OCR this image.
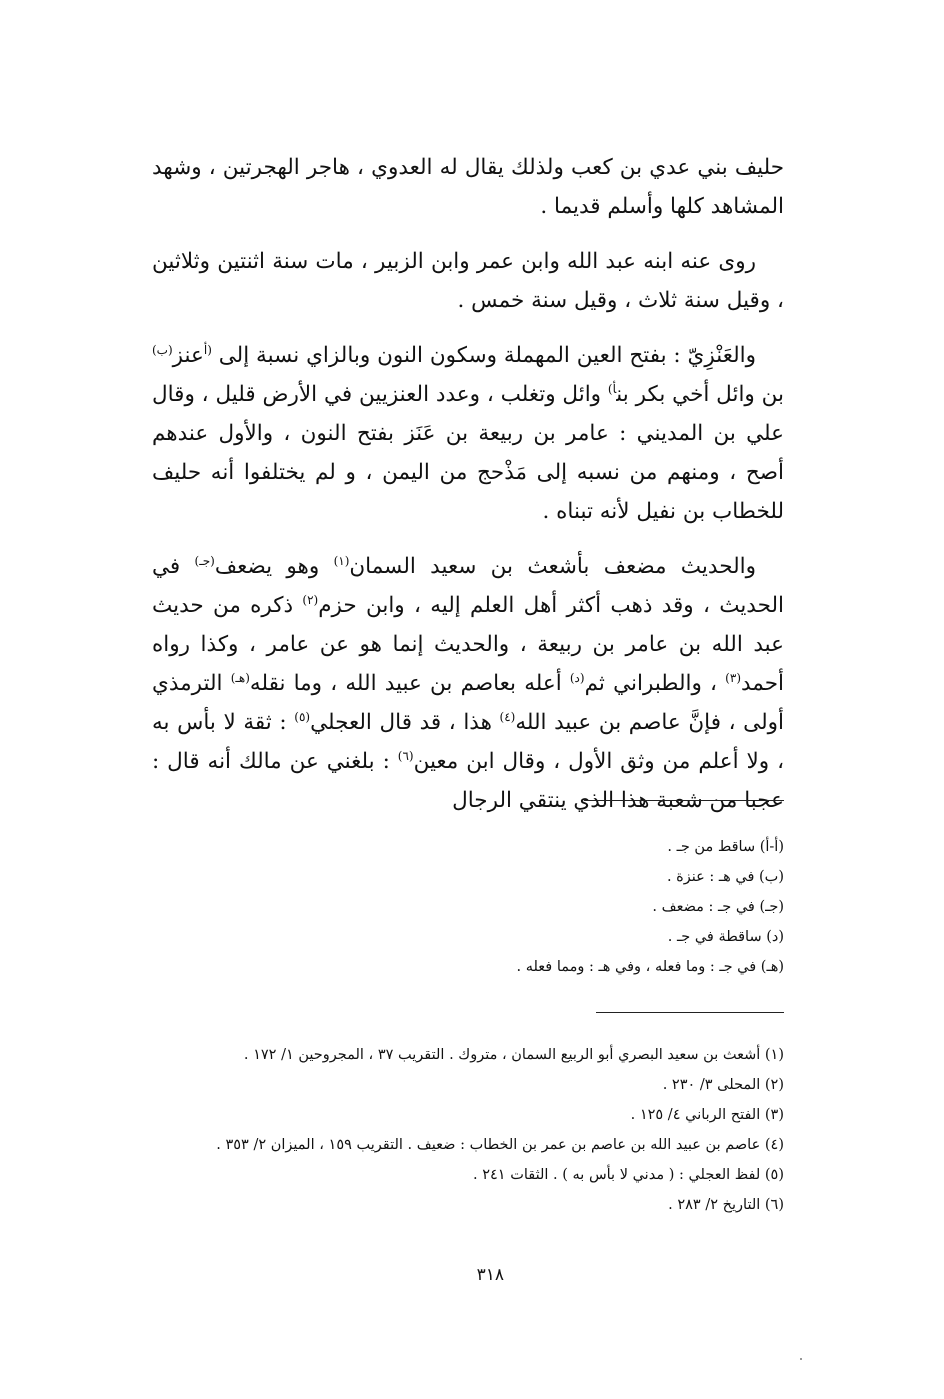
حليف بني عدي بن كعب ولذلك يقال له العدوي ، هاجر الهجرتين ، وشهد المشاهد كلها وأسلم قديما .

روى عنه ابنه عبد الله وابن عمر وابن الزبير ، مات سنة اثنتين وثلاثين ، وقيل سنة ثلاث ، وقيل سنة خمس .

والعَنْزِيّ : بفتح العين المهملة وسكون النون وبالزاي نسبة إلى $^{(أ}$عنز$^{(ب)}$ بن وائل أخي بكر بن$^{أ)}$ وائل وتغلب ، وعدد العنزيين في الأرض قليل ، وقال علي بن المديني : عامر بن ربيعة بن عَنَز بفتح النون ، والأول عندهم أصح ، ومنهم من نسبه إلى مَذْحج من اليمن ، و لم يختلفوا أنه حليف للخطاب بن نفيل لأنه تبناه .

والحديث مضعف بأشعث بن سعيد السمان$^{(١)}$ وهو يضعف$^{(جـ)}$ في الحديث ، وقد ذهب أكثر أهل العلم إليه ، وابن حزم$^{(٢)}$ ذكره من حديث عبد الله بن عامر بن ربيعة ، والحديث إنما هو عن عامر ، وكذا رواه أحمد$^{(٣)}$ ، والطبراني ثم$^{(د)}$ أعله بعاصم بن عبيد الله ، وما نقله$^{(هـ)}$ الترمذي أولى ، فإنَّ عاصم بن عبيد الله$^{(٤)}$ هذا ، قد قال العجلي$^{(٥)}$ : ثقة لا بأس به ، ولا أعلم من وثق الأول ، وقال ابن معين$^{(٦)}$ : بلغني عن مالك أنه قال : عجبا من شعبة هذا الذي ينتقي الرجال

(أ-أ) ساقط من جـ .
(ب) في هـ : عنزة .
(جـ) في جـ : مضعف .
(د) ساقطة في جـ .
(هـ) في جـ : وما فعله ، وفي هـ : ومما فعله .
(١) أشعث بن سعيد البصري أبو الربيع السمان ، متروك . التقريب ٣٧ ، المجروحين ١/ ١٧٢ .
(٢) المحلى ٣/ ٢٣٠ .
(٣) الفتح الرباني ٤/ ١٢٥ .
(٤) عاصم بن عبيد الله بن عاصم بن عمر بن الخطاب : ضعيف . التقريب ١٥٩ ، الميزان ٢/ ٣٥٣ .
(٥) لفظ العجلي : ( مدني لا بأس به ) . الثقات ٢٤١ .
(٦) التاريخ ٢/ ٢٨٣ .
٣١٨
